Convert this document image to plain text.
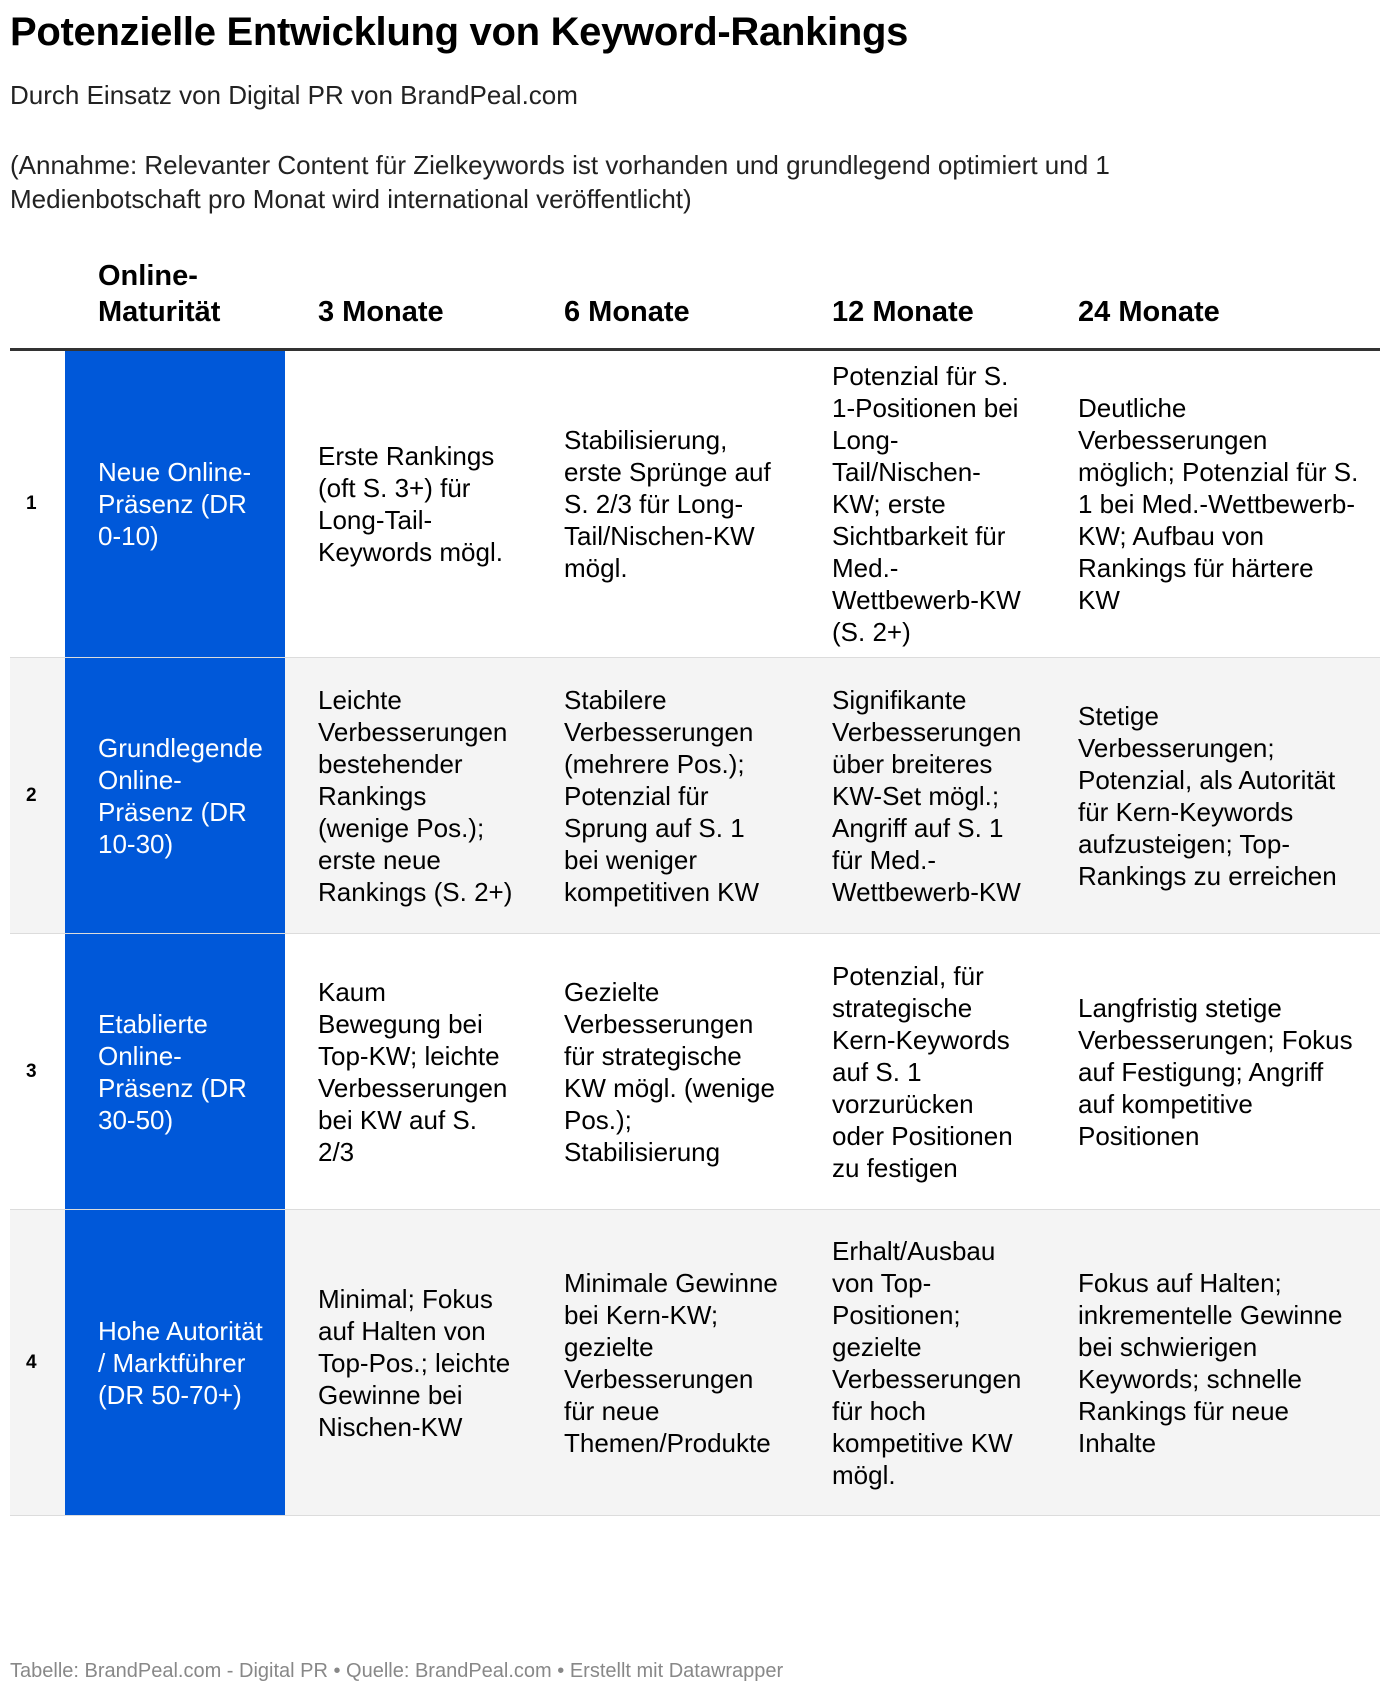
Potenzielle Entwicklung von Keyword-Rankings
Durch Einsatz von Digital PR von BrandPeal.com
(Annahme: Relevanter Content für Zielkeywords ist vorhanden und grundlegend optimiert und 1 Medienbotschaft pro Monat wird international veröffentlicht)
	Online-Maturität	3 Monate	6 Monate	12 Monate	24 Monate
1	Neue Online-Präsenz (DR 0-10)	Erste Rankings (oft S. 3+) für Long-Tail-Keywords mögl.	Stabilisierung, erste Sprünge auf S. 2/3 für Long-Tail/Nischen-KW mögl.	Potenzial für S. 1-Positionen bei Long-Tail/Nischen-KW; erste Sichtbarkeit für Med.-Wettbewerb-KW (S. 2+)	Deutliche Verbesserungen möglich; Potenzial für S. 1 bei Med.-Wettbewerb-KW; Aufbau von Rankings für härtere KW
2	Grundlegende Online-Präsenz (DR 10-30)	Leichte Verbesserungen bestehender Rankings (wenige Pos.); erste neue Rankings (S. 2+)	Stabilere Verbesserungen (mehrere Pos.); Potenzial für Sprung auf S. 1 bei weniger kompetitiven KW	Signifikante Verbesserungen über breiteres KW-Set mögl.; Angriff auf S. 1 für Med.-Wettbewerb-KW	Stetige Verbesserungen; Potenzial, als Autorität für Kern-Keywords aufzusteigen; Top-Rankings zu erreichen
3	Etablierte Online-Präsenz (DR 30-50)	Kaum Bewegung bei Top-KW; leichte Verbesserungen bei KW auf S. 2/3	Gezielte Verbesserungen für strategische KW mögl. (wenige Pos.); Stabilisierung	Potenzial, für strategische Kern-Keywords auf S. 1 vorzurücken oder Positionen zu festigen	Langfristig stetige Verbesserungen; Fokus auf Festigung; Angriff auf kompetitive Positionen
4	Hohe Autorität / Marktführer (DR 50-70+)	Minimal; Fokus auf Halten von Top-Pos.; leichte Gewinne bei Nischen-KW	Minimale Gewinne bei Kern-KW; gezielte Verbesserungen für neue Themen/Produkte	Erhalt/Ausbau von Top-Positionen; gezielte Verbesserungen für hoch kompetitive KW mögl.	Fokus auf Halten; inkrementelle Gewinne bei schwierigen Keywords; schnelle Rankings für neue Inhalte
Tabelle: BrandPeal.com - Digital PR • Quelle: BrandPeal.com • Erstellt mit Datawrapper
